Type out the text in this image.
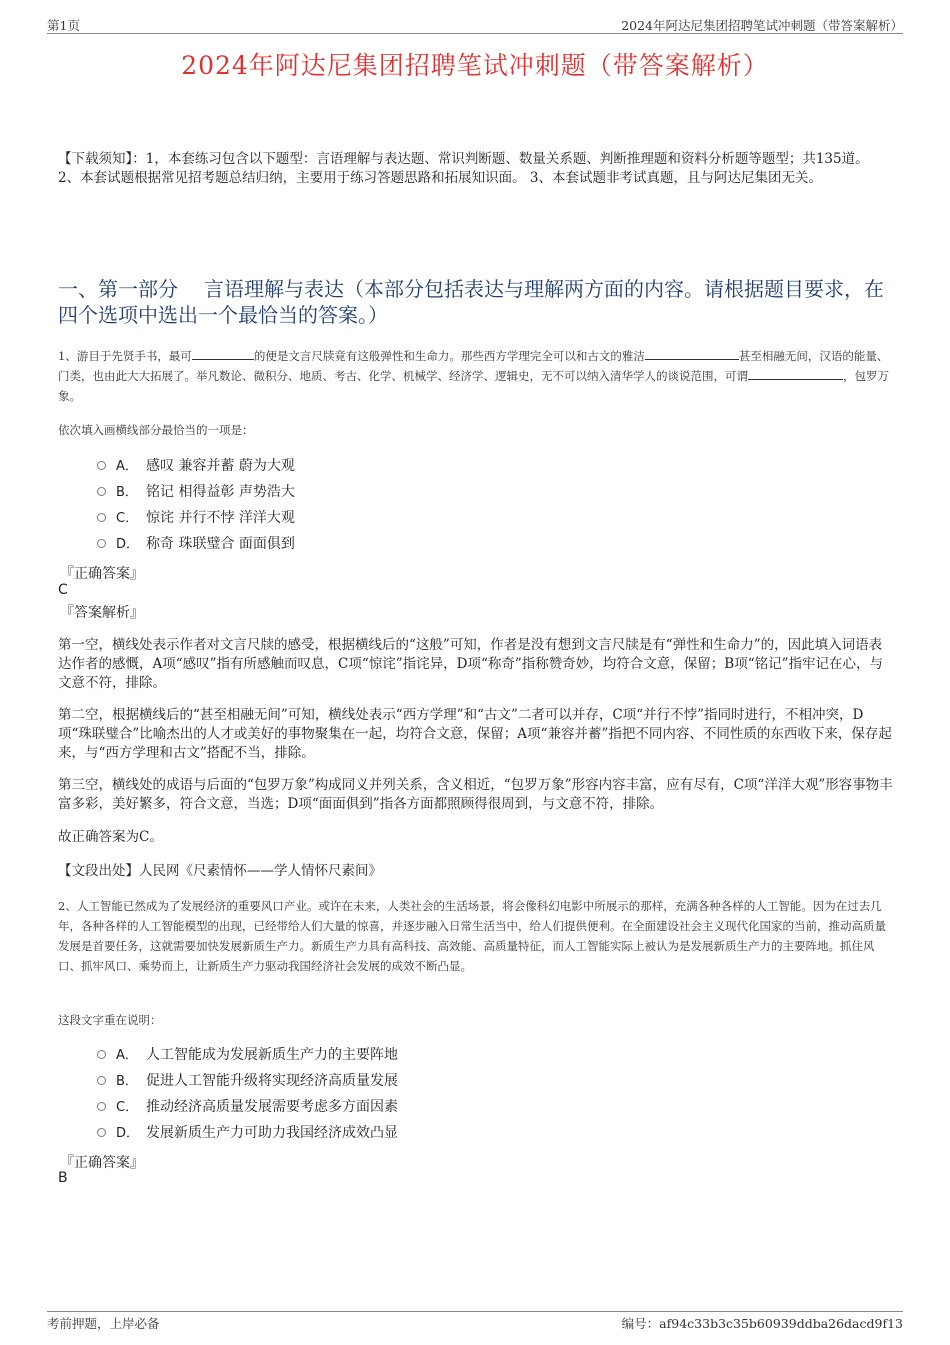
第1页	2024年阿达尼集团招聘笔试冲刺题（带答案解析）
2024年阿达尼集团招聘笔试冲刺题（带答案解析）
【下载须知】：1，本套练习包含以下题型：言语理解与表达题、常识判断题、数量关系题、判断推理题和资料分析题等题型；共135道。 2、本套试题根据常见招考题总结归纳，主要用于练习答题思路和拓展知识面。 3、本套试题非考试真题，且与阿达尼集团无关。
一、第一部分 言语理解与表达（本部分包括表达与理解两方面的内容。请根据题目要求，在四个选项中选出一个最恰当的答案。）
1、游目于先贤手书，最可	的便是文言尺牍竟有这般弹性和生命力。那些西方学理完全可以和古文的雅洁	甚至相融无间，汉语的能量、门类，也由此大大拓展了。举凡数论、微积分、地质、考古、化学、机械学、经济学、逻辑史，无不可以纳入清华学人的谈说范围，可谓	，包罗万象。
依次填入画横线部分最恰当的一项是：
A． 感叹 兼容并蓄 蔚为大观
B． 铭记 相得益彰 声势浩大
C． 惊诧 并行不悖 洋洋大观
D． 称奇 珠联璧合 面面俱到
『正确答案』
C
『答案解析』
第一空，横线处表示作者对文言尺牍的感受，根据横线后的“这般”可知，作者是没有想到文言尺牍是有“弹性和生命力”的，因此填入词语表达作者的感慨，A项“感叹”指有所感触而叹息，C项“惊诧”指诧异，D项“称奇”指称赞奇妙，均符合文意，保留；B项“铭记”指牢记在心，与文意不符，排除。
第二空，根据横线后的“甚至相融无间”可知，横线处表示“西方学理”和“古文”二者可以并存，C项“并行不悖”指同时进行，不相冲突，D项“珠联璧合”比喻杰出的人才或美好的事物聚集在一起，均符合文意，保留；A项“兼容并蓄”指把不同内容、不同性质的东西收下来，保存起来，与“西方学理和古文”搭配不当，排除。
第三空，横线处的成语与后面的“包罗万象”构成同义并列关系，含义相近，“包罗万象”形容内容丰富，应有尽有，C项“洋洋大观”形容事物丰富多彩，美好繁多，符合文意，当选；D项“面面俱到”指各方面都照顾得很周到，与文意不符，排除。
故正确答案为C。
【文段出处】人民网《尺素情怀——学人情怀尺素间》
2、人工智能已然成为了发展经济的重要风口产业。或许在未来，人类社会的生活场景，将会像科幻电影中所展示的那样，充满各种各样的人工智能。因为在过去几年，各种各样的人工智能模型的出现，已经带给人们大量的惊喜，并逐步融入日常生活当中，给人们提供便利。在全面建设社会主义现代化国家的当前，推动高质量发展是首要任务，这就需要加快发展新质生产力。新质生产力具有高科技、高效能、高质量特征，而人工智能实际上被认为是发展新质生产力的主要阵地。抓住风口、抓牢风口、乘势而上，让新质生产力驱动我国经济社会发展的成效不断凸显。
这段文字重在说明：
A． 人工智能成为发展新质生产力的主要阵地
B． 促进人工智能升级将实现经济高质量发展
C． 推动经济高质量发展需要考虑多方面因素
D． 发展新质生产力可助力我国经济成效凸显
『正确答案』
B
考前押题，上岸必备	编号：af94c33b3c35b60939ddba26dacd9f13
